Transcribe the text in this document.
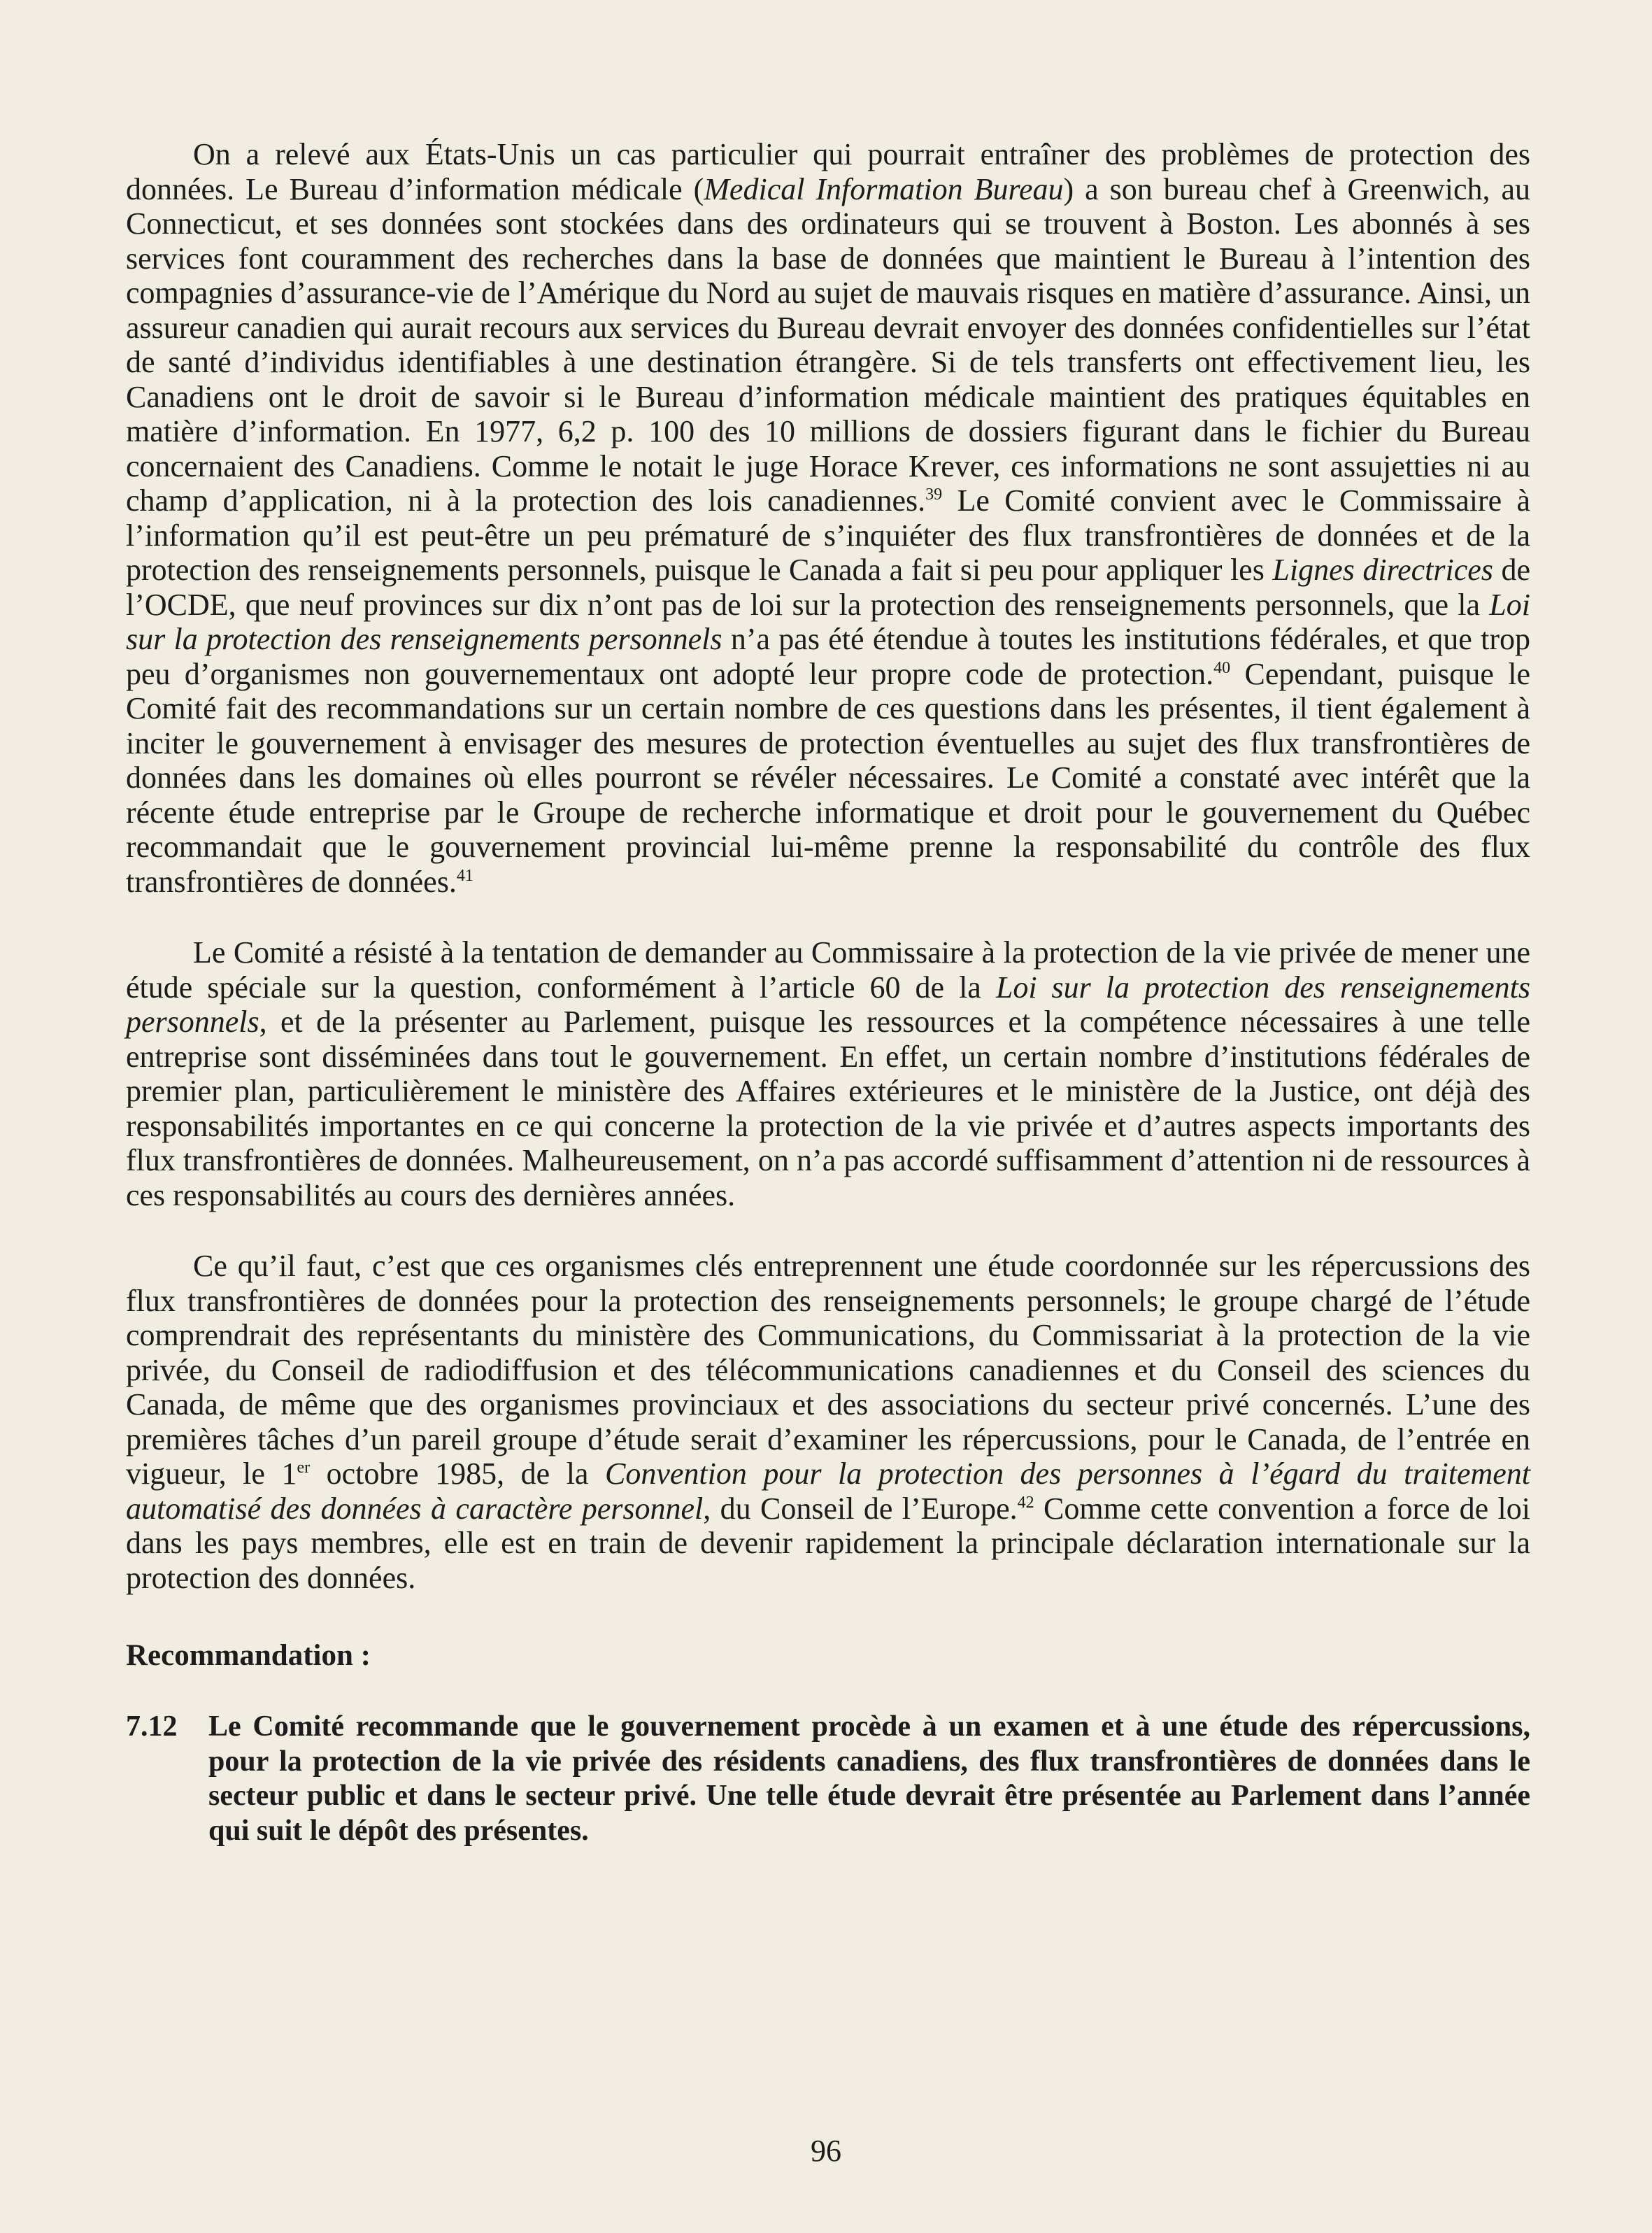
On a relevé aux États-Unis un cas particulier qui pourrait entraîner des problèmes de protection des données. Le Bureau d’information médicale (Medical Information Bureau) a son bureau chef à Greenwich, au Connecticut, et ses données sont stockées dans des ordinateurs qui se trouvent à Boston. Les abonnés à ses services font couramment des recherches dans la base de données que maintient le Bureau à l’intention des compagnies d’assurance-vie de l’Amérique du Nord au sujet de mauvais risques en matière d’assurance. Ainsi, un assureur canadien qui aurait recours aux services du Bureau devrait envoyer des données confidentielles sur l’état de santé d’individus identifiables à une destination étrangère. Si de tels transferts ont effectivement lieu, les Canadiens ont le droit de savoir si le Bureau d’information médicale maintient des pratiques équitables en matière d’information. En 1977, 6,2 p. 100 des 10 millions de dossiers figurant dans le fichier du Bureau concernaient des Canadiens. Comme le notait le juge Horace Krever, ces informations ne sont assujetties ni au champ d’application, ni à la protection des lois canadiennes.$^{39}$ Le Comité convient avec le Commissaire à l’information qu’il est peut-être un peu prématuré de s’inquiéter des flux transfrontières de données et de la protection des renseignements personnels, puisque le Canada a fait si peu pour appliquer les Lignes directrices de l’OCDE, que neuf provinces sur dix n’ont pas de loi sur la protection des renseignements personnels, que la Loi sur la protection des renseignements personnels n’a pas été étendue à toutes les institutions fédérales, et que trop peu d’organismes non gouvernementaux ont adopté leur propre code de protection.$^{40}$ Cependant, puisque le Comité fait des recommandations sur un certain nombre de ces questions dans les présentes, il tient également à inciter le gouvernement à envisager des mesures de protection éventuelles au sujet des flux transfrontières de données dans les domaines où elles pourront se révéler nécessaires. Le Comité a constaté avec intérêt que la récente étude entreprise par le Groupe de recherche informatique et droit pour le gouvernement du Québec recommandait que le gouvernement provincial lui-même prenne la responsabilité du contrôle des flux transfrontières de données.$^{41}$

Le Comité a résisté à la tentation de demander au Commissaire à la protection de la vie privée de mener une étude spéciale sur la question, conformément à l’article 60 de la Loi sur la protection des renseignements personnels, et de la présenter au Parlement, puisque les ressources et la compétence nécessaires à une telle entreprise sont disséminées dans tout le gouvernement. En effet, un certain nombre d’institutions fédérales de premier plan, particulièrement le ministère des Affaires extérieures et le ministère de la Justice, ont déjà des responsabilités importantes en ce qui concerne la protection de la vie privée et d’autres aspects importants des flux transfrontières de données. Malheureusement, on n’a pas accordé suffisamment d’attention ni de ressources à ces responsabilités au cours des dernières années.

Ce qu’il faut, c’est que ces organismes clés entreprennent une étude coordonnée sur les répercussions des flux transfrontières de données pour la protection des renseignements personnels; le groupe chargé de l’étude comprendrait des représentants du ministère des Communications, du Commissariat à la protection de la vie privée, du Conseil de radiodiffusion et des télécommunications canadiennes et du Conseil des sciences du Canada, de même que des organismes provinciaux et des associations du secteur privé concernés. L’une des premières tâches d’un pareil groupe d’étude serait d’examiner les répercussions, pour le Canada, de l’entrée en vigueur, le 1er octobre 1985, de la Convention pour la protection des personnes à l’égard du traitement automatisé des données à caractère personnel, du Conseil de l’Europe.$^{42}$ Comme cette convention a force de loi dans les pays membres, elle est en train de devenir rapidement la principale déclaration internationale sur la protection des données.

Recommandation :
7.12	Le Comité recommande que le gouvernement procède à un examen et à une étude des répercussions, pour la protection de la vie privée des résidents canadiens, des flux transfrontières de données dans le secteur public et dans le secteur privé. Une telle étude devrait être présentée au Parlement dans l’année qui suit le dépôt des présentes.
96
